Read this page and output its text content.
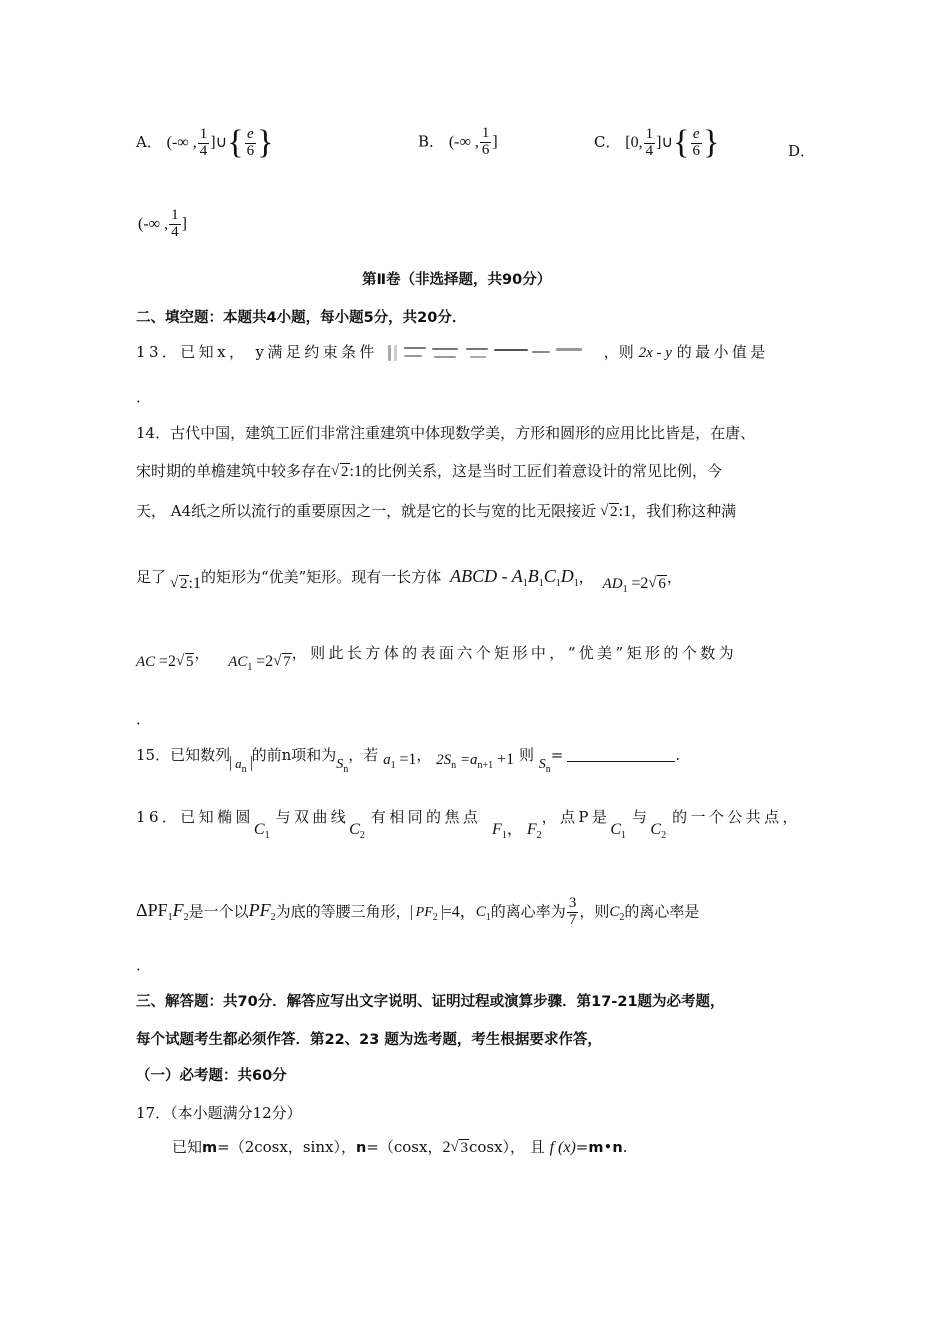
A． (-∞ , $\frac{1}{4}$ ]∪{ $\frac{e}{6}$ }	B． (-∞ , $\frac{1}{6}$ ]	C． [0, $\frac{1}{4}$ ]∪{ $\frac{e}{6}$ }	D．
(-∞ , $\frac{1}{4}$ ]
第Ⅱ卷（非选择题，共90分）
二、填空题：本题共4小题，每小题5分，共20分．
13．已知x， y满足约束条件	，则 2x - y 的最小值是
．
14．古代中国，建筑工匠们非常注重建筑中体现数学美，方形和圆形的应用比比皆是，在唐、
宋时期的单檐建筑中较多存在√ 2:1的比例关系，这是当时工匠们着意设计的常见比例，今
天， A4纸之所以流行的重要原因之一，就是它的长与宽的比无限接近√ 2:1，我们称这种满
足了√ 2:1的矩形为“优美”矩形。现有一长方体 ABCD - $A_1B_1C_1D_1$， $AD_1 =2√$ 6，
AC =2√ 5， $AC_1 =2√$ 7，则此长方体的表面六个矩形中，“优美”矩形的个数为
．
15．已知数列 $a_n$的前n项和为$S_n$，若 $a_1 =1$， $2S_n =a_{n+1} +1$ 则 $S_n=$	.
16．已知椭圆$C_1$与双曲线$C_2$有相同的焦点 $F_1$， $F_2$，点P是$C_1$与$C_2$的一个公共点，
$\Delta PF_1F_2$是一个以$PF_2$为底的等腰三角形， $PF_2 =4$，$C_1$的离心率为 $\frac{3}{7}$ ，则$C_2$的离心率是
．
三、解答题：共70分．解答应写出文字说明、证明过程或演算步骤．第17-21题为必考题，
每个试题考生都必须作答．第22、23 题为选考题，考生根据要求作答，
（一）必考题：共60分
17．（本小题满分12分）
已知m=（2cosx，sinx），n=（cosx，2√ 3cosx）， 且 f (x)=m•n.
